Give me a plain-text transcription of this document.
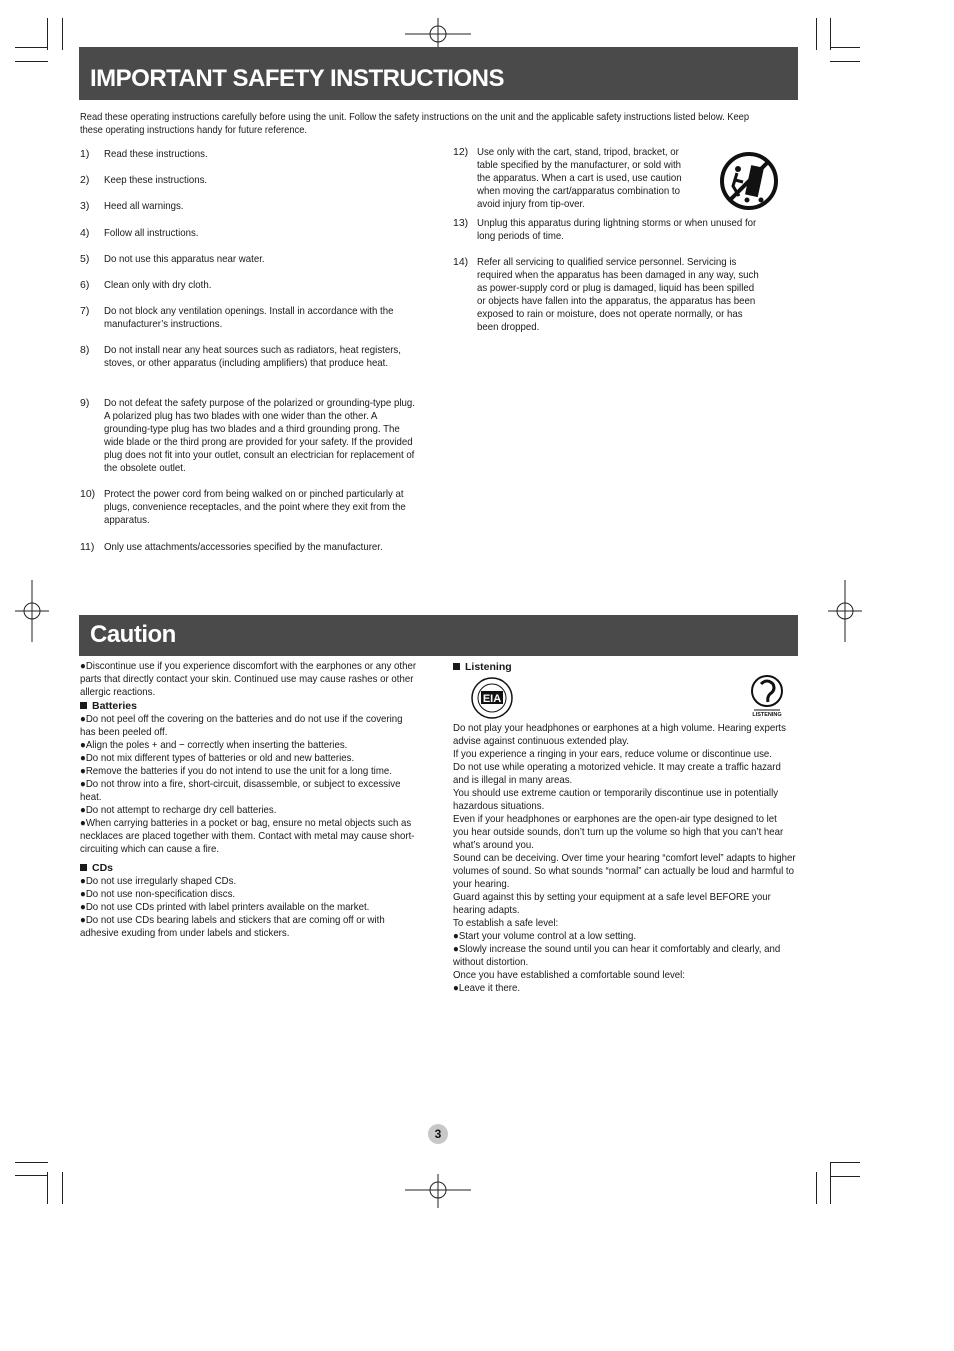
IMPORTANT SAFETY INSTRUCTIONS
Read these operating instructions carefully before using the unit. Follow the safety instructions on the unit and the applicable safety instructions listed below. Keep these operating instructions handy for future reference.
1) Read these instructions.
2) Keep these instructions.
3) Heed all warnings.
4) Follow all instructions.
5) Do not use this apparatus near water.
6) Clean only with dry cloth.
7) Do not block any ventilation openings. Install in accordance with the manufacturer’s instructions.
8) Do not install near any heat sources such as radiators, heat registers, stoves, or other apparatus (including amplifiers) that produce heat.
9) Do not defeat the safety purpose of the polarized or grounding-type plug. A polarized plug has two blades with one wider than the other. A grounding-type plug has two blades and a third grounding prong. The wide blade or the third prong are provided for your safety. If the provided plug does not fit into your outlet, consult an electrician for replacement of the obsolete outlet.
10) Protect the power cord from being walked on or pinched particularly at plugs, convenience receptacles, and the point where they exit from the apparatus.
11) Only use attachments/accessories specified by the manufacturer.
12) Use only with the cart, stand, tripod, bracket, or table specified by the manufacturer, or sold with the apparatus. When a cart is used, use caution when moving the cart/apparatus combination to avoid injury from tip-over.
13) Unplug this apparatus during lightning storms or when unused for long periods of time.
14) Refer all servicing to qualified service personnel. Servicing is required when the apparatus has been damaged in any way, such as power-supply cord or plug is damaged, liquid has been spilled or objects have fallen into the apparatus, the apparatus has been exposed to rain or moisture, does not operate normally, or has been dropped.
Caution
●Discontinue use if you experience discomfort with the earphones or any other parts that directly contact your skin. Continued use may cause rashes or other allergic reactions.
Batteries
●Do not peel off the covering on the batteries and do not use if the covering has been peeled off.
●Align the poles + and − correctly when inserting the batteries.
●Do not mix different types of batteries or old and new batteries.
●Remove the batteries if you do not intend to use the unit for a long time.
●Do not throw into a fire, short-circuit, disassemble, or subject to excessive heat.
●Do not attempt to recharge dry cell batteries.
●When carrying batteries in a pocket or bag, ensure no metal objects such as necklaces are placed together with them. Contact with metal may cause short-circuiting which can cause a fire.
CDs
●Do not use irregularly shaped CDs.
●Do not use non-specification discs.
●Do not use CDs printed with label printers available on the market.
●Do not use CDs bearing labels and stickers that are coming off or with adhesive exuding from under labels and stickers.
Listening
EIA
LISTENING
Do not play your headphones or earphones at a high volume. Hearing experts advise against continuous extended play.
If you experience a ringing in your ears, reduce volume or discontinue use.
Do not use while operating a motorized vehicle. It may create a traffic hazard and is illegal in many areas.
You should use extreme caution or temporarily discontinue use in potentially hazardous situations.
Even if your headphones or earphones are the open-air type designed to let you hear outside sounds, don’t turn up the volume so high that you can’t hear what’s around you.
Sound can be deceiving. Over time your hearing “comfort level” adapts to higher volumes of sound. So what sounds “normal” can actually be loud and harmful to your hearing.
Guard against this by setting your equipment at a safe level BEFORE your hearing adapts.
To establish a safe level:
●Start your volume control at a low setting.
●Slowly increase the sound until you can hear it comfortably and clearly, and without distortion.
Once you have established a comfortable sound level:
●Leave it there.
3
